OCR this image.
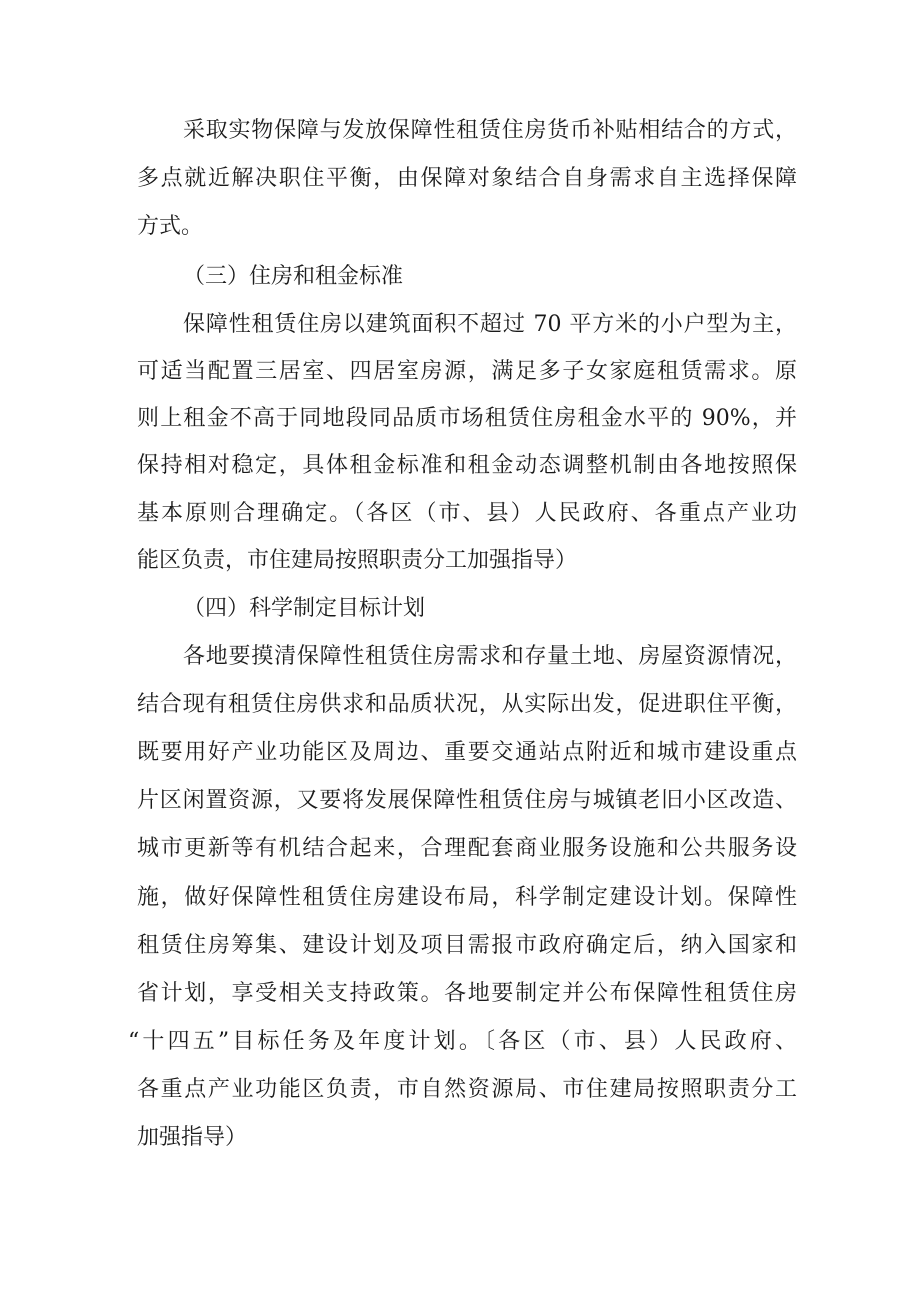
采取实物保障与发放保障性租赁住房货币补贴相结合的方式，
多点就近解决职住平衡，由保障对象结合自身需求自主选择保障
方式。
（三）住房和租金标准
保障性租赁住房以建筑面积不超过 70 平方米的小户型为主，
可适当配置三居室、四居室房源，满足多子女家庭租赁需求。原
则上租金不高于同地段同品质市场租赁住房租金水平的 90%，并
保持相对稳定，具体租金标准和租金动态调整机制由各地按照保
基本原则合理确定。（各区（市、县）人民政府、各重点产业功
能区负责，市住建局按照职责分工加强指导）
（四）科学制定目标计划
各地要摸清保障性租赁住房需求和存量土地、房屋资源情况，
结合现有租赁住房供求和品质状况，从实际出发，促进职住平衡，
既要用好产业功能区及周边、重要交通站点附近和城市建设重点
片区闲置资源，又要将发展保障性租赁住房与城镇老旧小区改造、
城市更新等有机结合起来，合理配套商业服务设施和公共服务设
施，做好保障性租赁住房建设布局，科学制定建设计划。保障性
租赁住房筹集、建设计划及项目需报市政府确定后，纳入国家和
省计划，享受相关支持政策。各地要制定并公布保障性租赁住房
“十四五”目标任务及年度计划。〔各区（市、县）人民政府、
各重点产业功能区负责，市自然资源局、市住建局按照职责分工
加强指导）
